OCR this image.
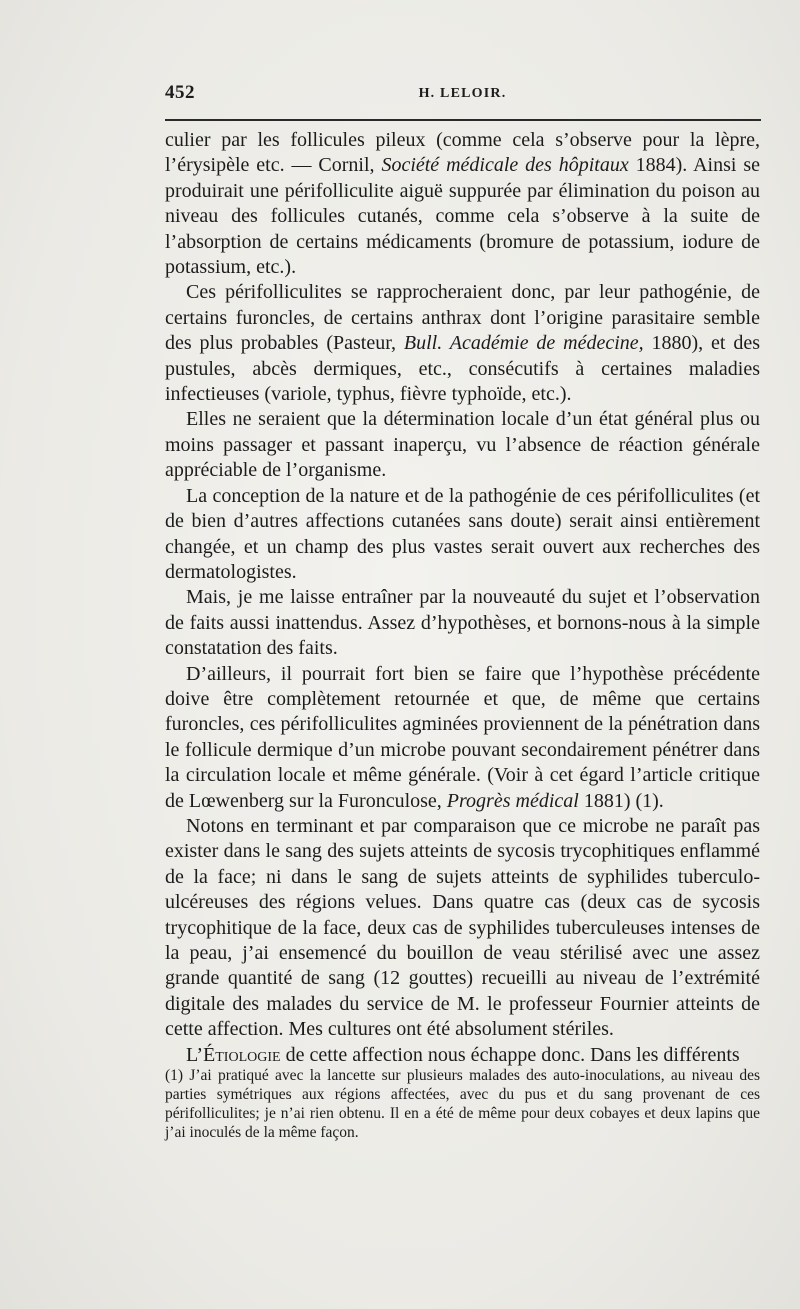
452	H. LELOIR.

culier par les follicules pileux (comme cela s’observe pour la lèpre, l’érysipèle etc. — Cornil, Société médicale des hôpitaux 1884). Ainsi se produirait une périfolliculite aiguë suppurée par élimination du poison au niveau des follicules cutanés, comme cela s’observe à la suite de l’absorption de certains médicaments (bromure de potassium, iodure de potassium, etc.).

Ces périfolliculites se rapprocheraient donc, par leur pathogénie, de certains furoncles, de certains anthrax dont l’origine parasitaire semble des plus probables (Pasteur, Bull. Académie de médecine, 1880), et des pustules, abcès dermiques, etc., consécutifs à certaines maladies infectieuses (variole, typhus, fièvre typhoïde, etc.).

Elles ne seraient que la détermination locale d’un état général plus ou moins passager et passant inaperçu, vu l’absence de réaction générale appréciable de l’organisme.

La conception de la nature et de la pathogénie de ces périfolliculites (et de bien d’autres affections cutanées sans doute) serait ainsi entièrement changée, et un champ des plus vastes serait ouvert aux recherches des dermatologistes.

Mais, je me laisse entraîner par la nouveauté du sujet et l’observation de faits aussi inattendus. Assez d’hypothèses, et bornons-nous à la simple constatation des faits.

D’ailleurs, il pourrait fort bien se faire que l’hypothèse précédente doive être complètement retournée et que, de même que certains furoncles, ces périfolliculites agminées proviennent de la pénétration dans le follicule dermique d’un microbe pouvant secondairement pénétrer dans la circulation locale et même générale. (Voir à cet égard l’article critique de Lœwenberg sur la Furonculose, Progrès médical 1881) (1).

Notons en terminant et par comparaison que ce microbe ne paraît pas exister dans le sang des sujets atteints de sycosis trycophitiques enflammé de la face; ni dans le sang de sujets atteints de syphilides tuberculo-ulcéreuses des régions velues. Dans quatre cas (deux cas de sycosis trycophitique de la face, deux cas de syphilides tuberculeuses intenses de la peau, j’ai ensemencé du bouillon de veau stérilisé avec une assez grande quantité de sang (12 gouttes) recueilli au niveau de l’extrémité digitale des malades du service de M. le professeur Fournier atteints de cette affection. Mes cultures ont été absolument stériles.

L’Étiologie de cette affection nous échappe donc. Dans les différents

(1) J’ai pratiqué avec la lancette sur plusieurs malades des auto-inoculations, au niveau des parties symétriques aux régions affectées, avec du pus et du sang provenant de ces périfolliculites; je n’ai rien obtenu. Il en a été de même pour deux cobayes et deux lapins que j’ai inoculés de la même façon.
